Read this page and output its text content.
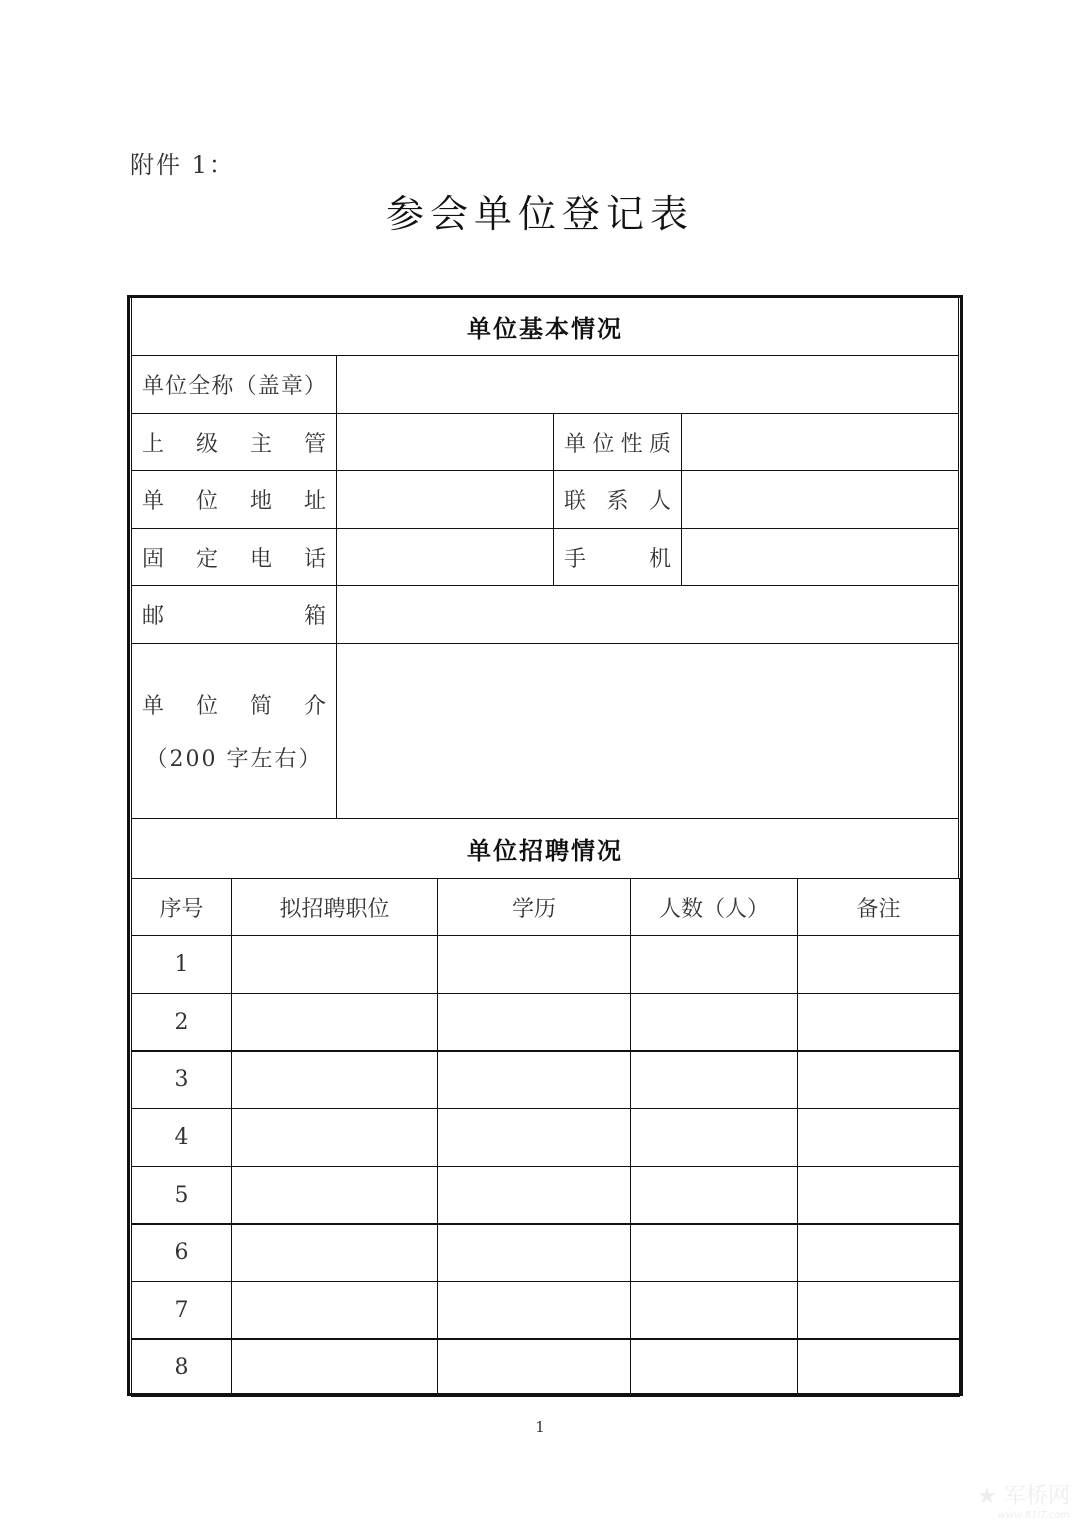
附件 1：
参会单位登记表
单位基本情况
单位全称（盖章）
上级主管	单位性质
单位地址	联系人
固定电话	手机
邮箱
单位简介
（200 字左右）
单位招聘情况
序号	拟招聘职位	学历	人数（人）	备注
1
2
3
4
5
6
7
8
1
★ 军桥网
www.81IT.com
